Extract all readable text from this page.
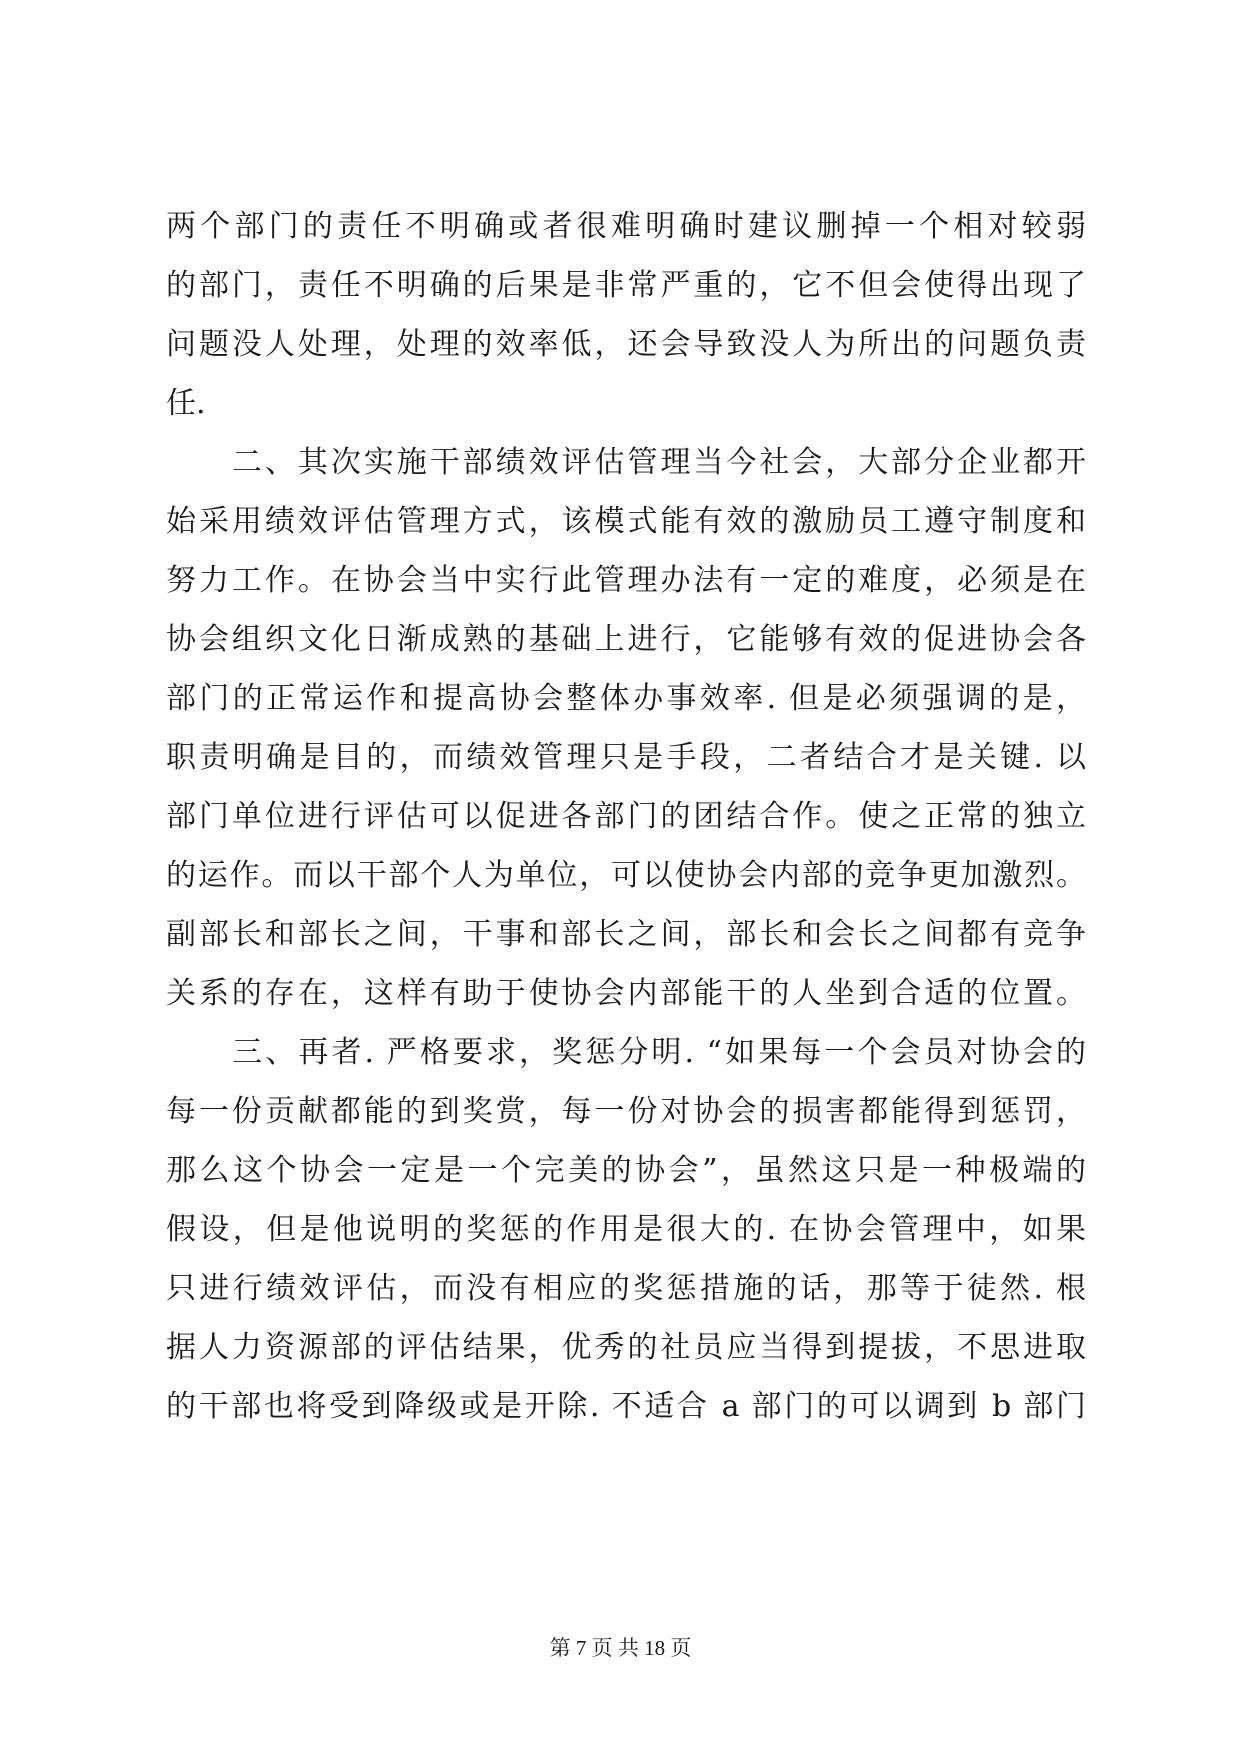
两个部门的责任不明确或者很难明确时建议删掉一个相对较弱
的部门，责任不明确的后果是非常严重的，它不但会使得出现了
问题没人处理，处理的效率低，还会导致没人为所出的问题负责
任.
　　二、其次实施干部绩效评估管理当今社会，大部分企业都开
始采用绩效评估管理方式，该模式能有效的激励员工遵守制度和
努力工作。在协会当中实行此管理办法有一定的难度，必须是在
协会组织文化日渐成熟的基础上进行，它能够有效的促进协会各
部门的正常运作和提高协会整体办事效率. 但是必须强调的是，
职责明确是目的，而绩效管理只是手段，二者结合才是关键. 以
部门单位进行评估可以促进各部门的团结合作。使之正常的独立
的运作。而以干部个人为单位，可以使协会内部的竞争更加激烈。
副部长和部长之间，干事和部长之间，部长和会长之间都有竞争
关系的存在，这样有助于使协会内部能干的人坐到合适的位置。
　　三、再者. 严格要求，奖惩分明. “如果每一个会员对协会的
每一份贡献都能的到奖赏，每一份对协会的损害都能得到惩罚，
那么这个协会一定是一个完美的协会”，虽然这只是一种极端的
假设，但是他说明的奖惩的作用是很大的. 在协会管理中，如果
只进行绩效评估，而没有相应的奖惩措施的话，那等于徒然. 根
据人力资源部的评估结果，优秀的社员应当得到提拔，不思进取
的干部也将受到降级或是开除. 不适合 a 部门的可以调到 b 部门
第 7 页 共 18 页
